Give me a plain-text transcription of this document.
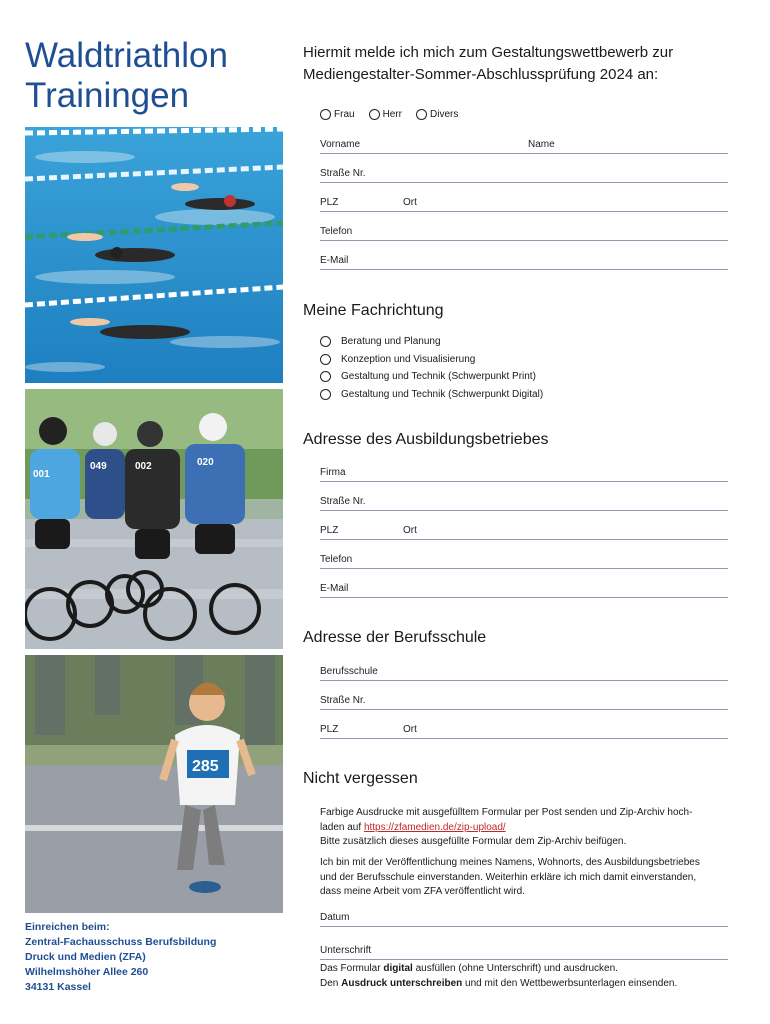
Waldtriathlon
Trainingen
001
049	002	020
285
Einreichen beim:
Zentral-Fachausschuss Berufsbildung
Druck und Medien (ZFA)
Wilhelmshöher Allee 260
34131 Kassel
Hiermit melde ich mich zum Gestaltungswettbewerb zur
Mediengestalter-Sommer-Abschlussprüfung 2024 an:
Frau	Herr	Divers
Vorname	Name
Straße Nr.
PLZ	Ort
Telefon
E-Mail
Meine Fachrichtung
Beratung und Planung
Konzeption und Visualisierung
Gestaltung und Technik (Schwerpunkt Print)
Gestaltung und Technik (Schwerpunkt Digital)
Adresse des Ausbildungsbetriebes
Firma
Straße Nr.
PLZ	Ort
Telefon
E-Mail
Adresse der Berufsschule
Berufsschule
Straße Nr.
PLZ	Ort
Nicht vergessen
Farbige Ausdrucke mit ausgefülltem Formular per Post senden und Zip-Archiv hoch-
laden auf https://zfamedien.de/zip-upload/
Bitte zusätzlich dieses ausgefüllte Formular dem Zip-Archiv beifügen.
Ich bin mit der Veröffentlichung meines Namens, Wohnorts, des Ausbildungsbetriebes
und der Berufsschule einverstanden. Weiterhin erkläre ich mich damit einverstanden,
dass meine Arbeit vom ZFA veröffentlicht wird.
Datum
Unterschrift
Das Formular digital ausfüllen (ohne Unterschrift) und ausdrucken.
Den Ausdruck unterschreiben und mit den Wettbewerbsunterlagen einsenden.
